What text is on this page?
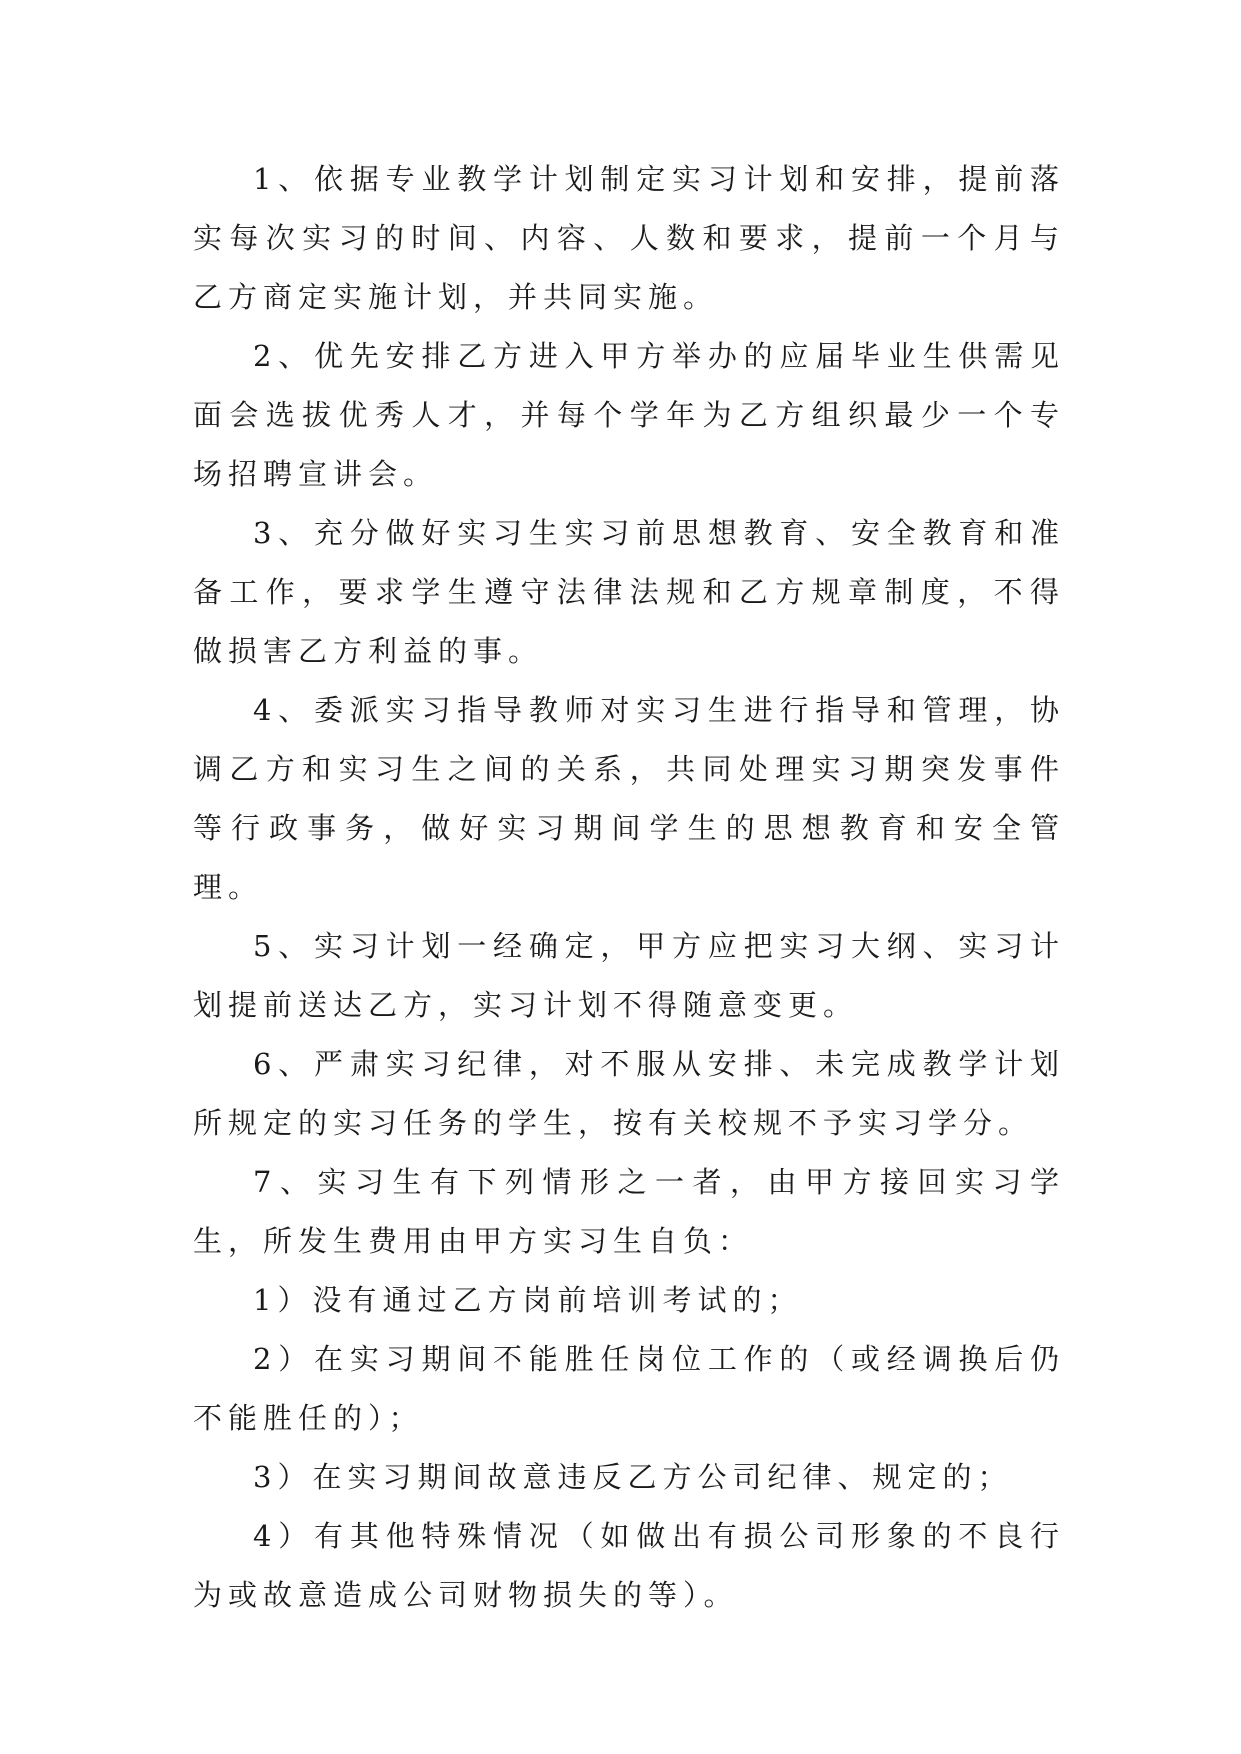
1、依据专业教学计划制定实习计划和安排，提前落实每次实习的时间、内容、人数和要求，提前一个月与乙方商定实施计划，并共同实施。

2、优先安排乙方进入甲方举办的应届毕业生供需见面会选拔优秀人才，并每个学年为乙方组织最少一个专场招聘宣讲会。

3、充分做好实习生实习前思想教育、安全教育和准备工作，要求学生遵守法律法规和乙方规章制度，不得做损害乙方利益的事。

4、委派实习指导教师对实习生进行指导和管理，协调乙方和实习生之间的关系，共同处理实习期突发事件等行政事务，做好实习期间学生的思想教育和安全管理。

5、实习计划一经确定，甲方应把实习大纲、实习计划提前送达乙方，实习计划不得随意变更。

6、严肃实习纪律，对不服从安排、未完成教学计划所规定的实习任务的学生，按有关校规不予实习学分。

7、实习生有下列情形之一者，由甲方接回实习学生，所发生费用由甲方实习生自负：

1）没有通过乙方岗前培训考试的；

2）在实习期间不能胜任岗位工作的（或经调换后仍不能胜任的）；

3）在实习期间故意违反乙方公司纪律、规定的；

4）有其他特殊情况（如做出有损公司形象的不良行为或故意造成公司财物损失的等）。
